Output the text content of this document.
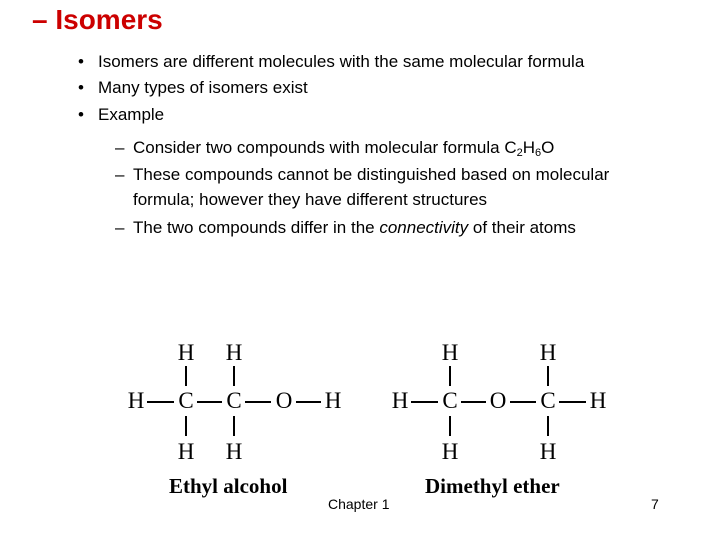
– Isomers
• Isomers are different molecules with the same molecular formula
• Many types of isomers exist
• Example
– Consider two compounds with molecular formula $C_2H_6O$
– These compounds cannot be distinguished based on molecular
formula; however they have different structures
– The two compounds differ in the connectivity of their atoms
H H
H C C O H
H H
H	H
H C O C H
H	H
Ethyl alcohol	Dimethyl ether
Chapter 1	7
